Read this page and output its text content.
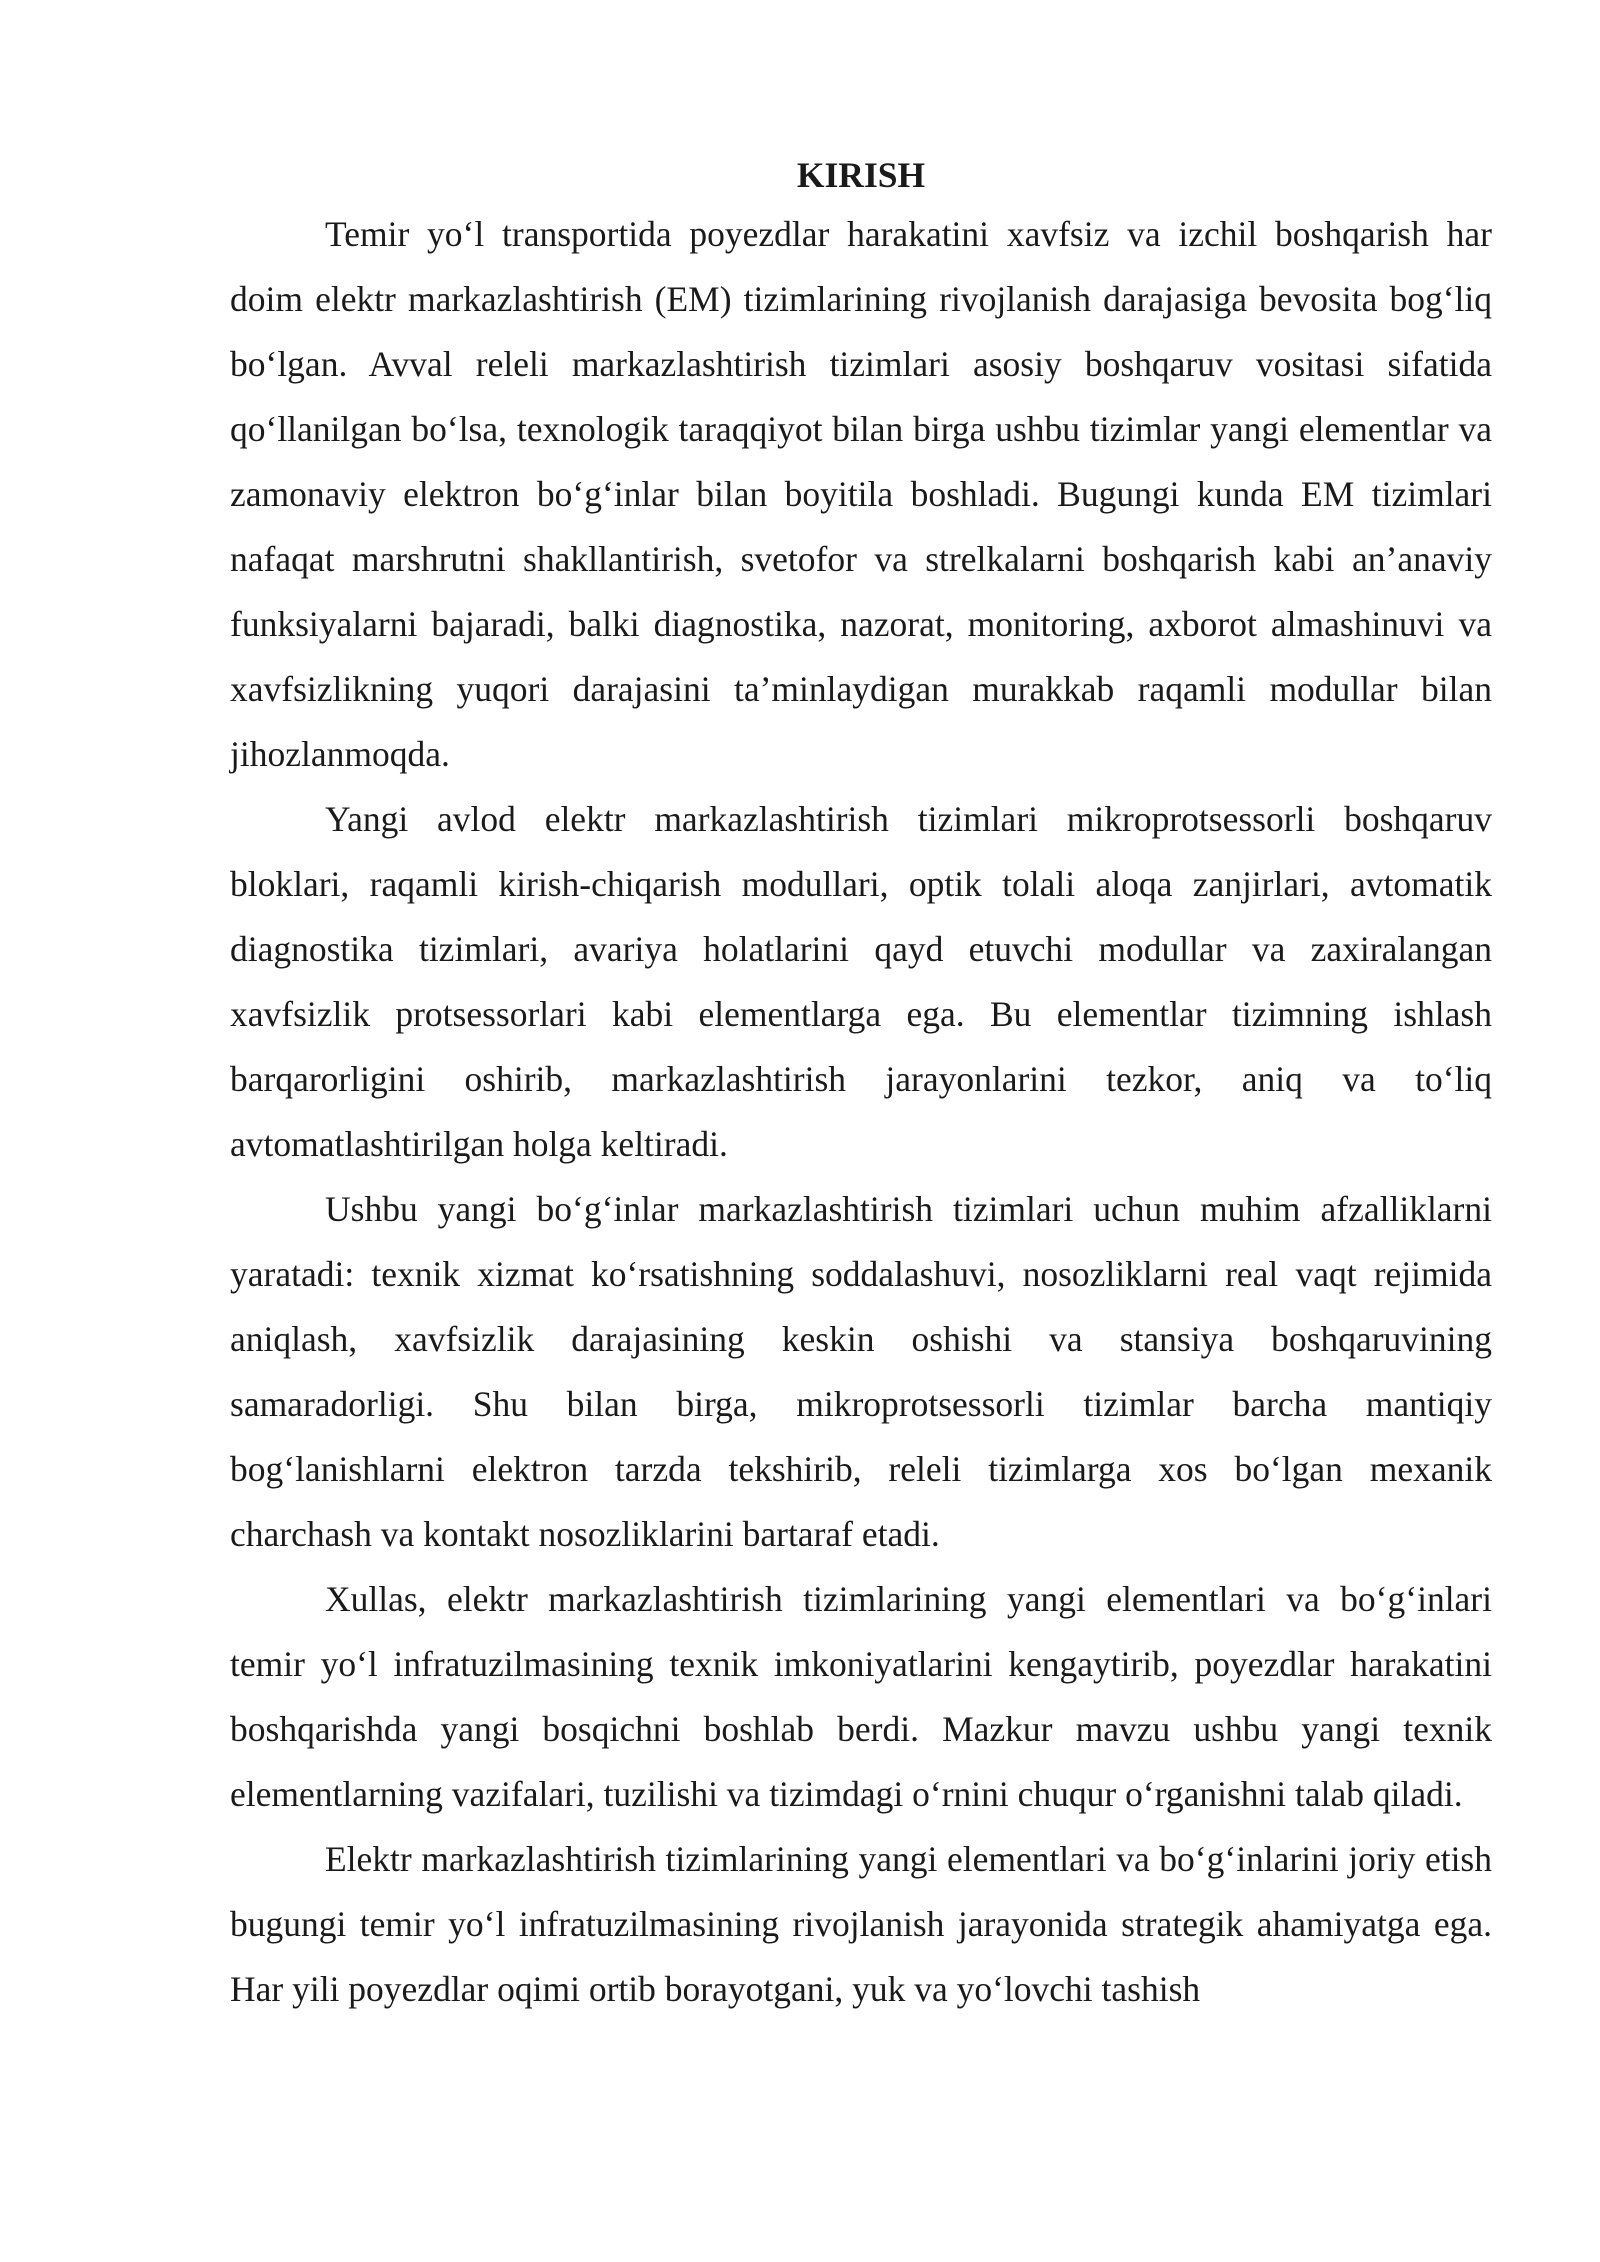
KIRISH

Temir yo‘l transportida poyezdlar harakatini xavfsiz va izchil boshqarish har doim elektr markazlashtirish (EM) tizimlarining rivojlanish darajasiga bevosita bog‘liq bo‘lgan. Avval releli markazlashtirish tizimlari asosiy boshqaruv vositasi sifatida qo‘llanilgan bo‘lsa, texnologik taraqqiyot bilan birga ushbu tizimlar yangi elementlar va zamonaviy elektron bo‘g‘inlar bilan boyitila boshladi. Bugungi kunda EM tizimlari nafaqat marshrutni shakllantirish, svetofor va strelkalarni boshqarish kabi an’anaviy funksiyalarni bajaradi, balki diagnostika, nazorat, monitoring, axborot almashinuvi va xavfsizlikning yuqori darajasini ta’minlaydigan murakkab raqamli modullar bilan jihozlanmoqda.

Yangi avlod elektr markazlashtirish tizimlari mikroprotsessorli boshqaruv bloklari, raqamli kirish-chiqarish modullari, optik tolali aloqa zanjirlari, avtomatik diagnostika tizimlari, avariya holatlarini qayd etuvchi modullar va zaxiralangan xavfsizlik protsessorlari kabi elementlarga ega. Bu elementlar tizimning ishlash barqarorligini oshirib, markazlashtirish jarayonlarini tezkor, aniq va to‘liq avtomatlashtirilgan holga keltiradi.

Ushbu yangi bo‘g‘inlar markazlashtirish tizimlari uchun muhim afzalliklarni yaratadi: texnik xizmat ko‘rsatishning soddalashuvi, nosozliklarni real vaqt rejimida aniqlash, xavfsizlik darajasining keskin oshishi va stansiya boshqaruvining samaradorligi. Shu bilan birga, mikroprotsessorli tizimlar barcha mantiqiy bog‘lanishlarni elektron tarzda tekshirib, releli tizimlarga xos bo‘lgan mexanik charchash va kontakt nosozliklarini bartaraf etadi.

Xullas, elektr markazlashtirish tizimlarining yangi elementlari va bo‘g‘inlari temir yo‘l infratuzilmasining texnik imkoniyatlarini kengaytirib, poyezdlar harakatini boshqarishda yangi bosqichni boshlab berdi. Mazkur mavzu ushbu yangi texnik elementlarning vazifalari, tuzilishi va tizimdagi o‘rnini chuqur o‘rganishni talab qiladi.

Elektr markazlashtirish tizimlarining yangi elementlari va bo‘g‘inlarini joriy etish bugungi temir yo‘l infratuzilmasining rivojlanish jarayonida strategik ahamiyatga ega. Har yili poyezdlar oqimi ortib borayotgani, yuk va yo‘lovchi tashish
